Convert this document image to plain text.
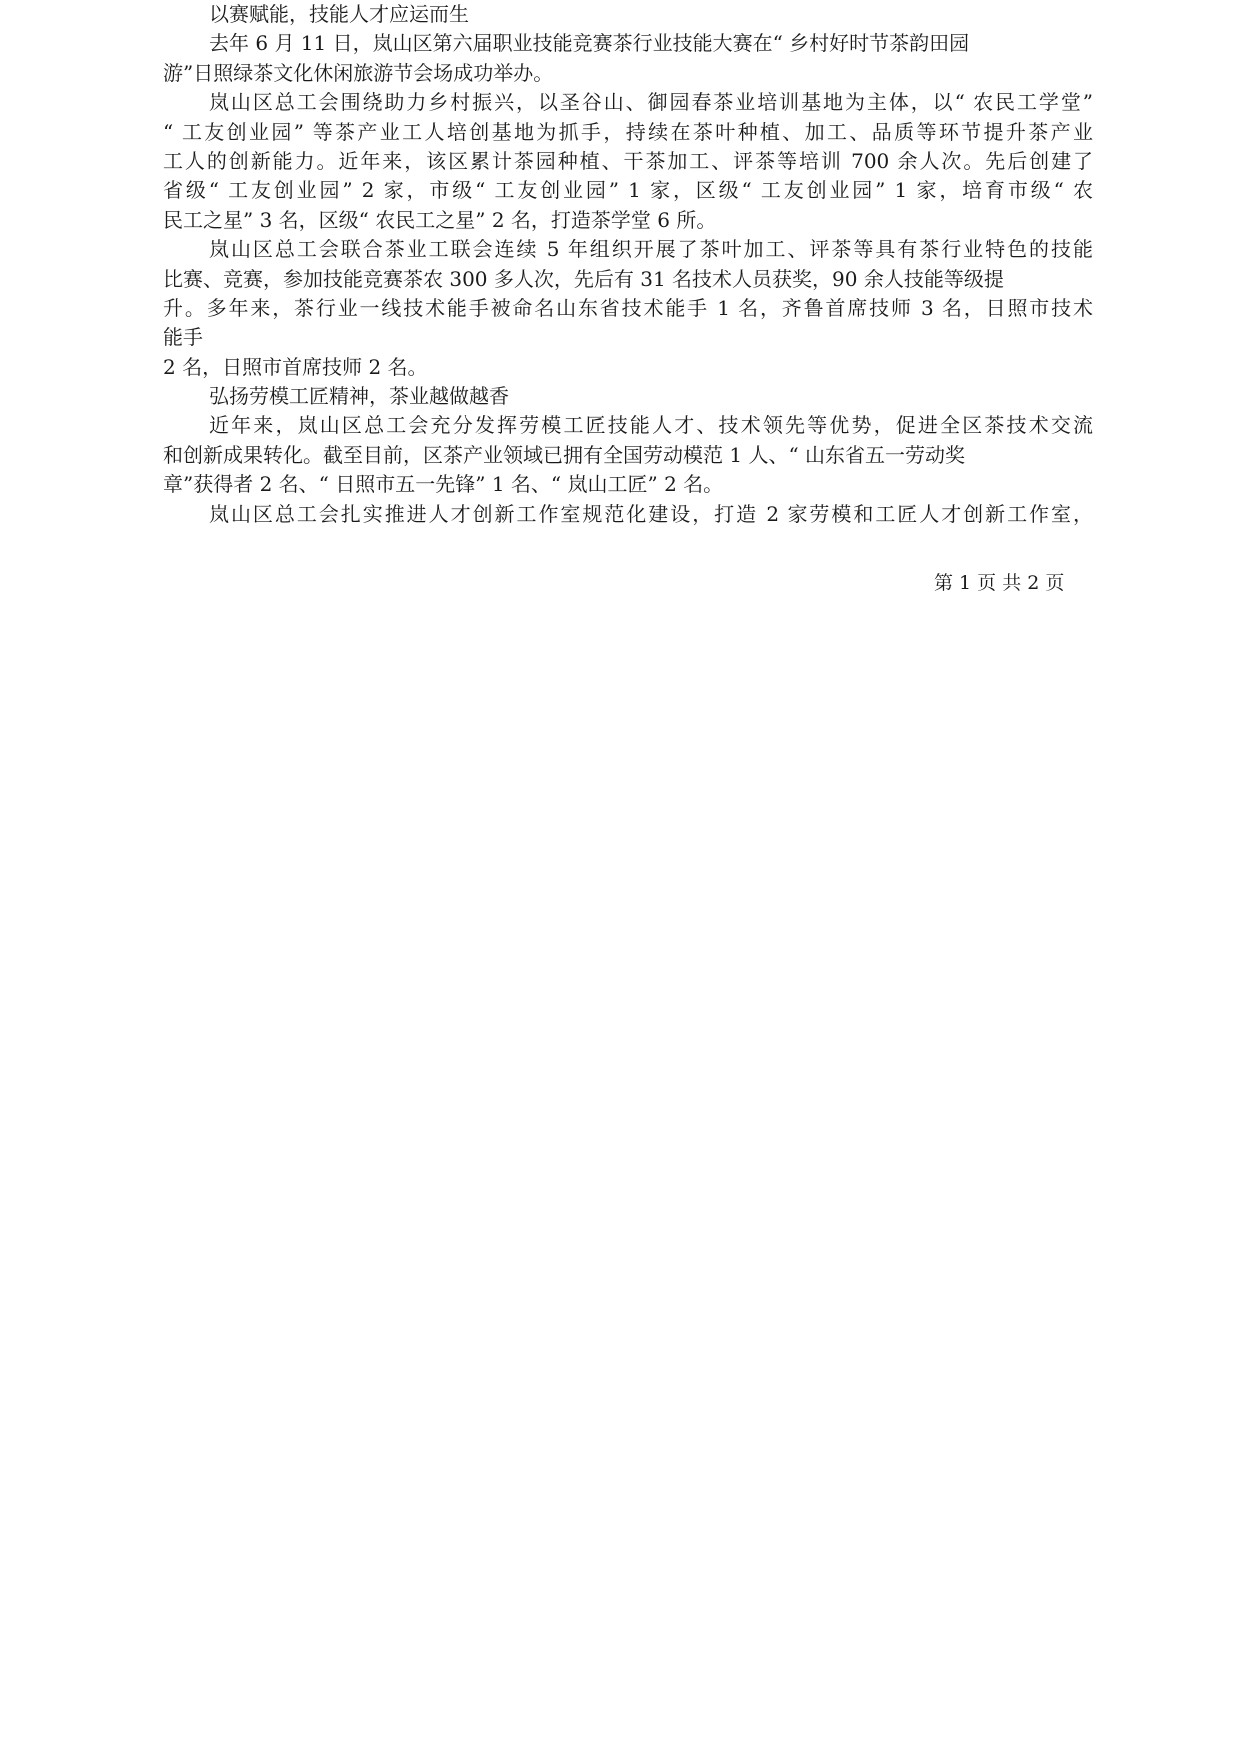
以赛赋能，技能人才应运而生
去年 6 月 11 日，岚山区第六届职业技能竞赛茶行业技能大赛在“ 乡村好时节茶韵田园
游”日照绿茶文化休闲旅游节会场成功举办。
岚山区总工会围绕助力乡村振兴，以圣谷山、御园春茶业培训基地为主体，以“ 农民工学堂”
“ 工友创业园” 等茶产业工人培创基地为抓手，持续在茶叶种植、加工、品质等环节提升茶产业
工人的创新能力。近年来，该区累计茶园种植、干茶加工、评茶等培训 700 余人次。先后创建了
省级“ 工友创业园” 2 家，市级“ 工友创业园” 1 家，区级“ 工友创业园” 1 家，培育市级“ 农
民工之星” 3 名，区级“ 农民工之星” 2 名，打造茶学堂 6 所。
岚山区总工会联合茶业工联会连续 5 年组织开展了茶叶加工、评茶等具有茶行业特色的技能
比赛、竞赛，参加技能竞赛茶农 300 多人次，先后有 31 名技术人员获奖，90 余人技能等级提
升。多年来，茶行业一线技术能手被命名山东省技术能手 1 名，齐鲁首席技师 3 名，日照市技术
能手
2 名，日照市首席技师 2 名。
弘扬劳模工匠精神，茶业越做越香
近年来，岚山区总工会充分发挥劳模工匠技能人才、技术领先等优势，促进全区茶技术交流
和创新成果转化。截至目前，区茶产业领域已拥有全国劳动模范 1 人、“ 山东省五一劳动奖
章”获得者 2 名、“ 日照市五一先锋” 1 名、“ 岚山工匠” 2 名。
岚山区总工会扎实推进人才创新工作室规范化建设，打造 2 家劳模和工匠人才创新工作室，
第 1 页 共 2 页
